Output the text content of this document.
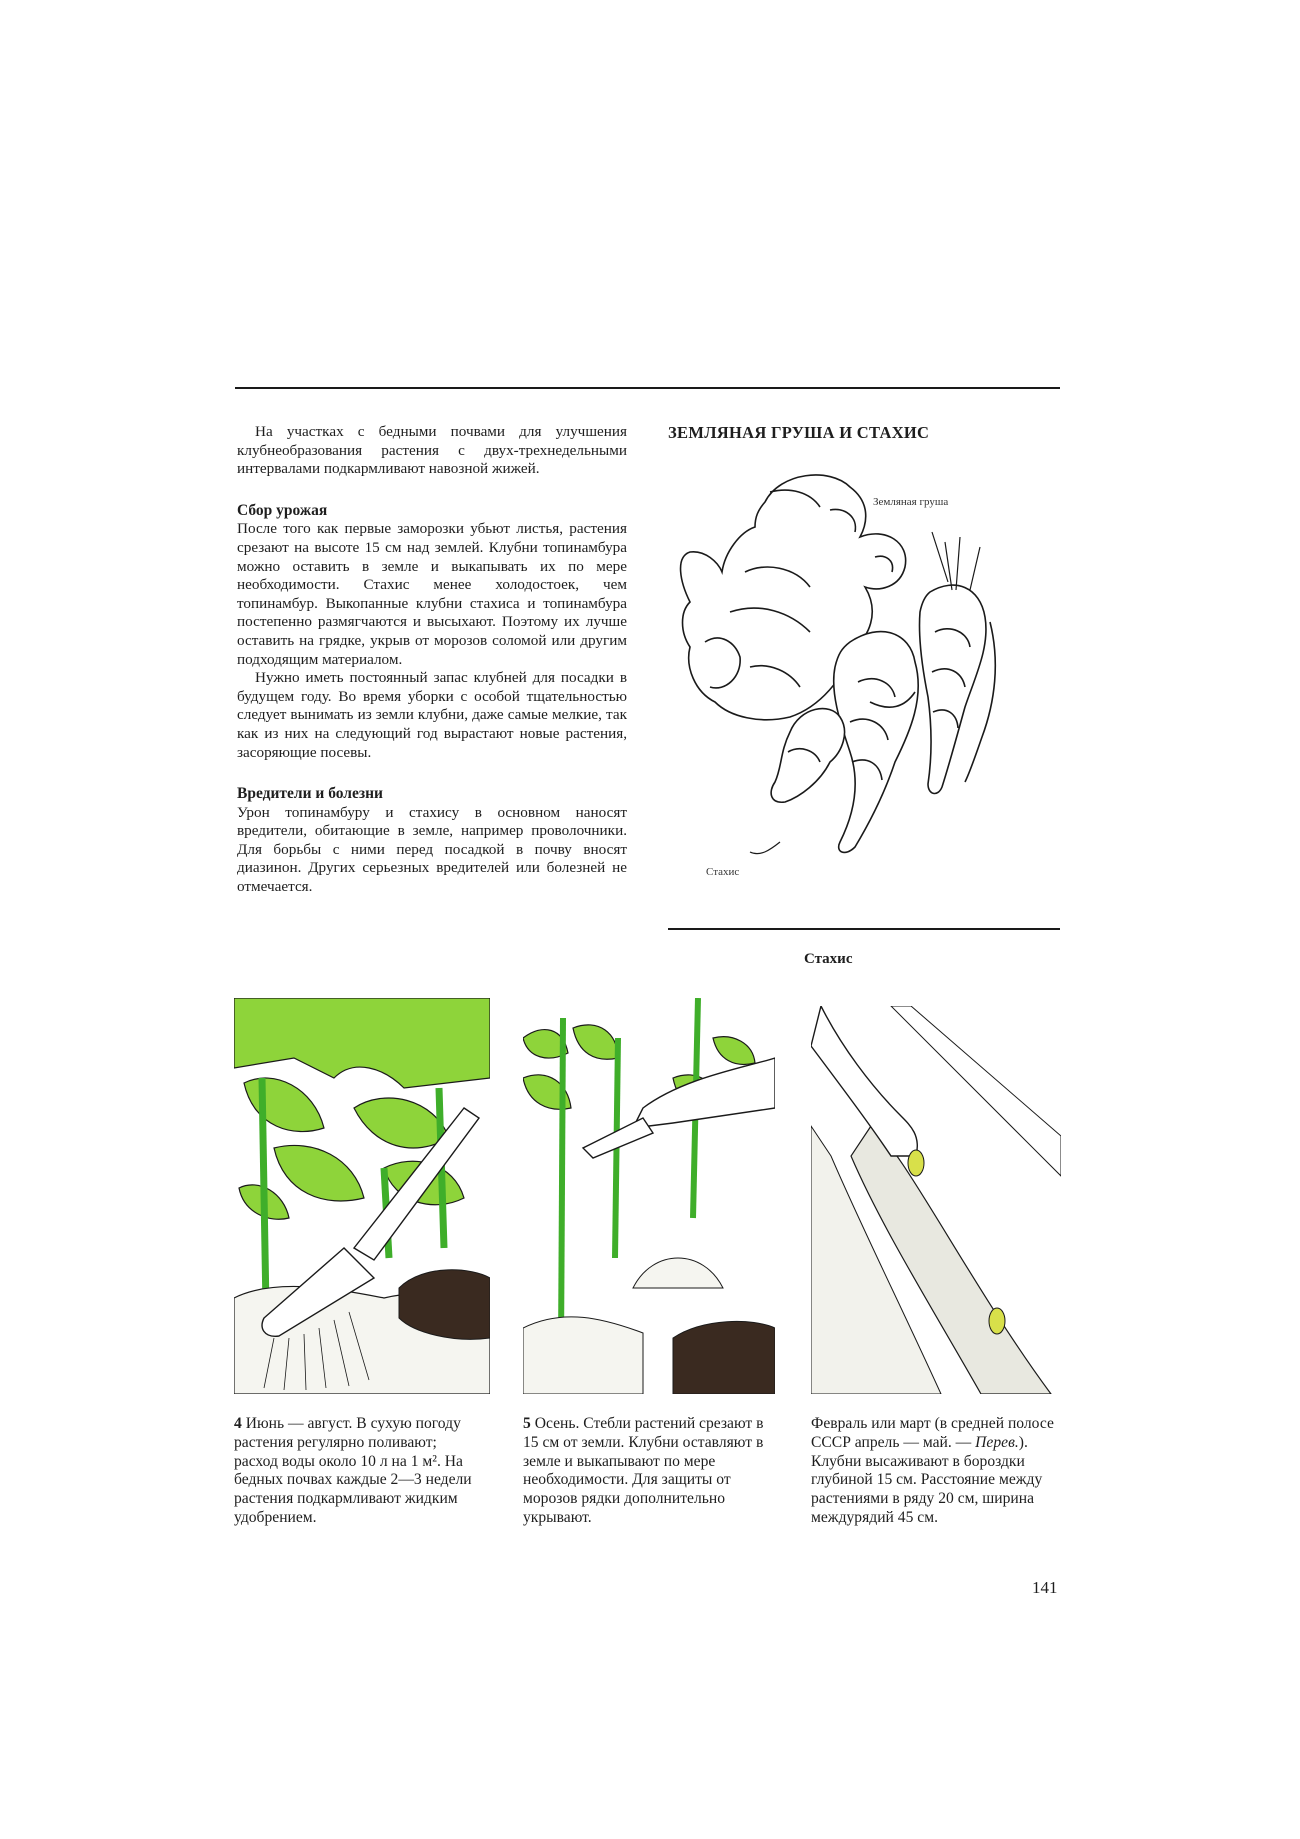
На участках с бедными почвами для улучшения клубнеобразования растения с двух-трехнедельными интервалами подкармливают навозной жижей.

Сбор урожая

После того как первые заморозки убьют листья, растения срезают на высоте 15 см над землей. Клубни топинамбура можно оставить в земле и выкапывать их по мере необходимости. Стахис менее холодостоек, чем топинамбур. Выкопанные клубни стахиса и топинамбура постепенно размягчаются и высыхают. Поэтому их лучше оставить на грядке, укрыв от морозов соломой или другим подходящим материалом.

Нужно иметь постоянный запас клубней для посадки в будущем году. Во время уборки с особой тщательностью следует вынимать из земли клубни, даже самые мелкие, так как из них на следующий год вырастают новые растения, засоряющие посевы.

Вредители и болезни

Урон топинамбуру и стахису в основном наносят вредители, обитающие в земле, например проволочники. Для борьбы с ними перед посадкой в почву вносят диазинон. Других серьезных вредителей или болезней не отмечается.

ЗЕМЛЯНАЯ ГРУША И СТАХИС
Земляная груша
Стахис
Стахис
4 Июнь — август. В сухую погоду растения регулярно поливают; расход воды около 10 л на 1 м². На бедных почвах каждые 2—3 недели растения подкармливают жидким удобрением.
5 Осень. Стебли растений срезают в 15 см от земли. Клубни оставляют в земле и выкапывают по мере необходимости. Для защиты от морозов рядки дополнительно укрывают.
Февраль или март (в средней полосе СССР апрель — май. — Перев.). Клубни высаживают в бороздки глубиной 15 см. Расстояние между растениями в ряду 20 см, ширина междурядий 45 см.
141
